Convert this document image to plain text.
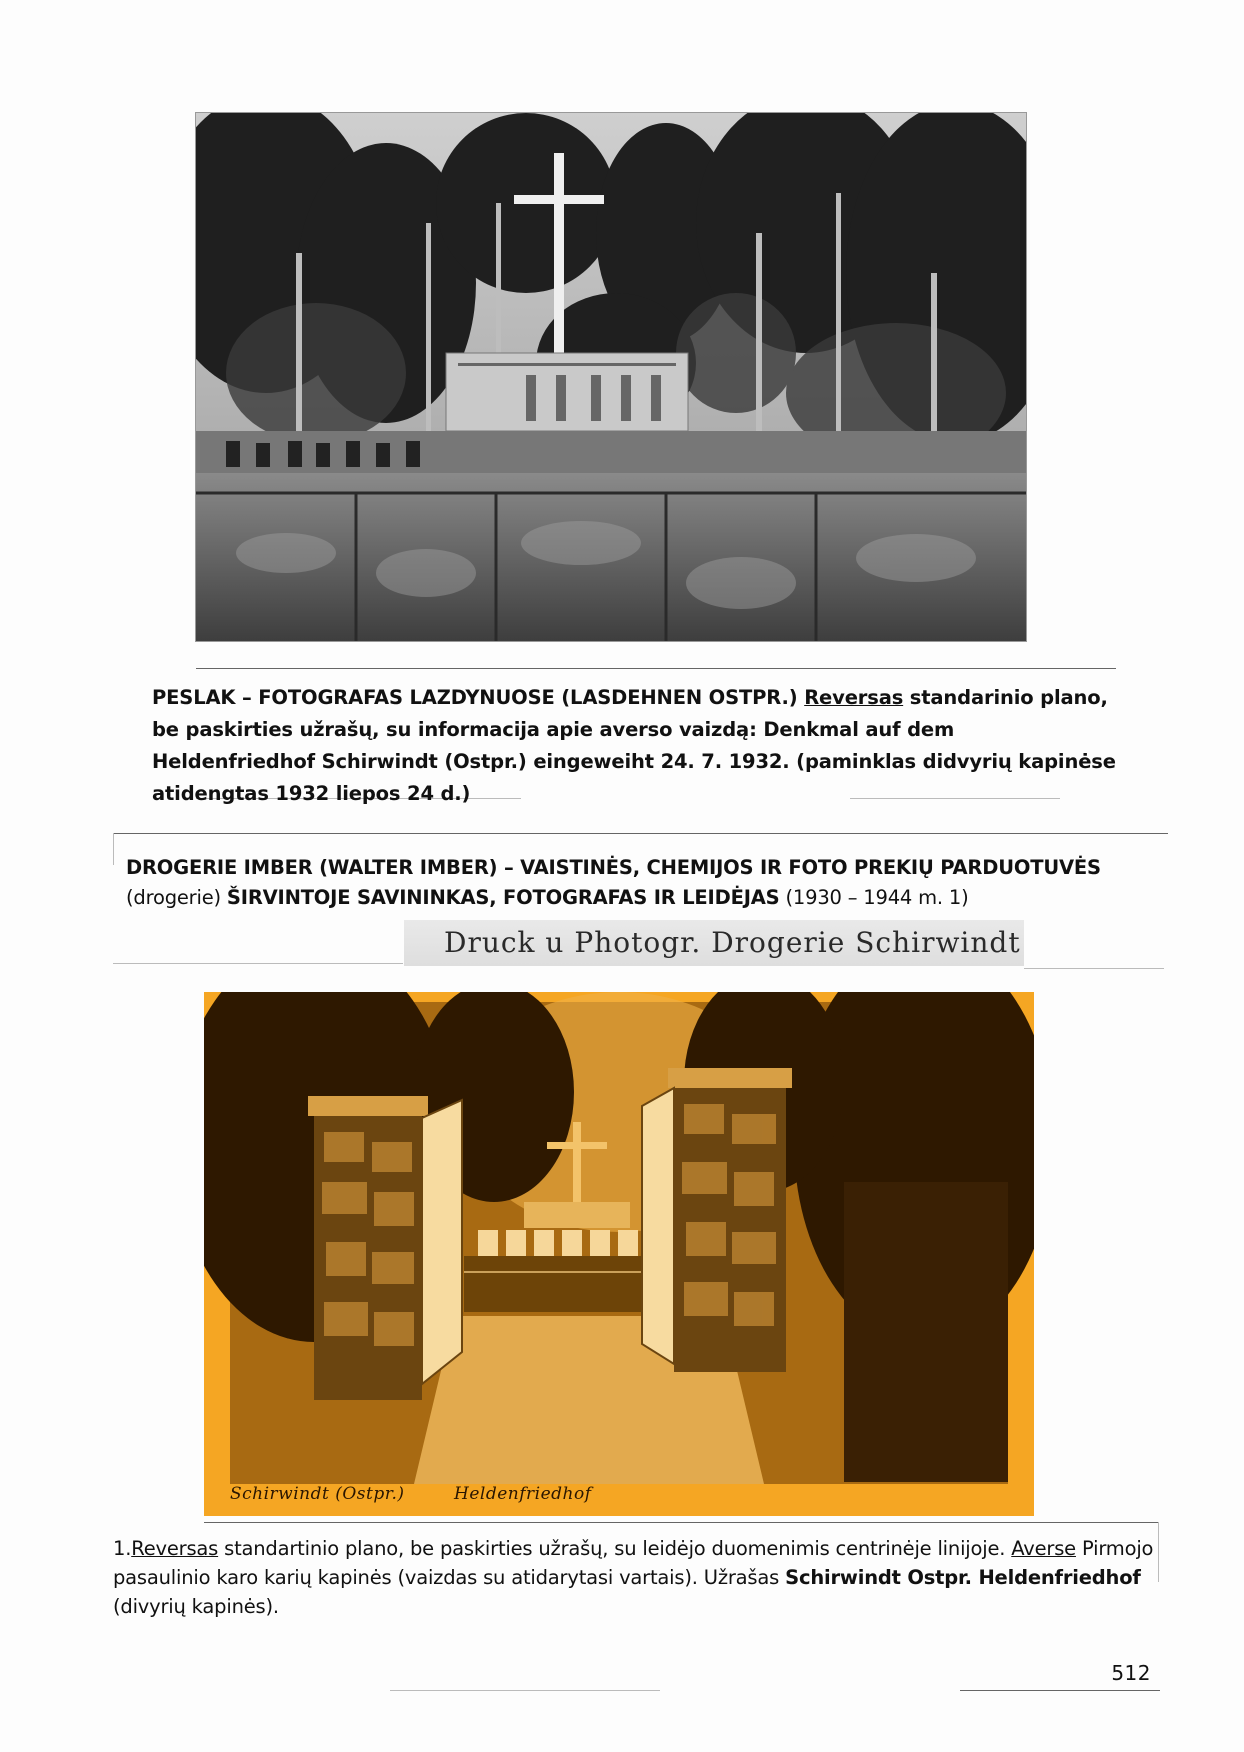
PESLAK – FOTOGRAFAS LAZDYNUOSE (LASDEHNEN OSTPR.) Reversas standarinio plano, be paskirties užrašų, su informacija apie averso vaizdą: Denkmal auf dem Heldenfriedhof Schirwindt (Ostpr.) eingeweiht 24. 7. 1932. (paminklas didvyrių kapinėse atidengtas 1932 liepos 24 d.)
DROGERIE IMBER (WALTER IMBER) – VAISTINĖS, CHEMIJOS IR FOTO PREKIŲ PARDUOTUVĖS
(drogerie) ŠIRVINTOJE SAVININKAS, FOTOGRAFAS IR LEIDĖJAS (1930 – 1944 m. 1)
Druck u Photogr. Drogerie Schirwindt
Schirwindt (Ostpr.)	Heldenfriedhof
1.Reversas standartinio plano, be paskirties užrašų, su leidėjo duomenimis centrinėje linijoje. Averse Pirmojo pasaulinio karo karių kapinės (vaizdas su atidarytasi vartais). Užrašas Schirwindt Ostpr. Heldenfriedhof (divyrių kapinės).
512
